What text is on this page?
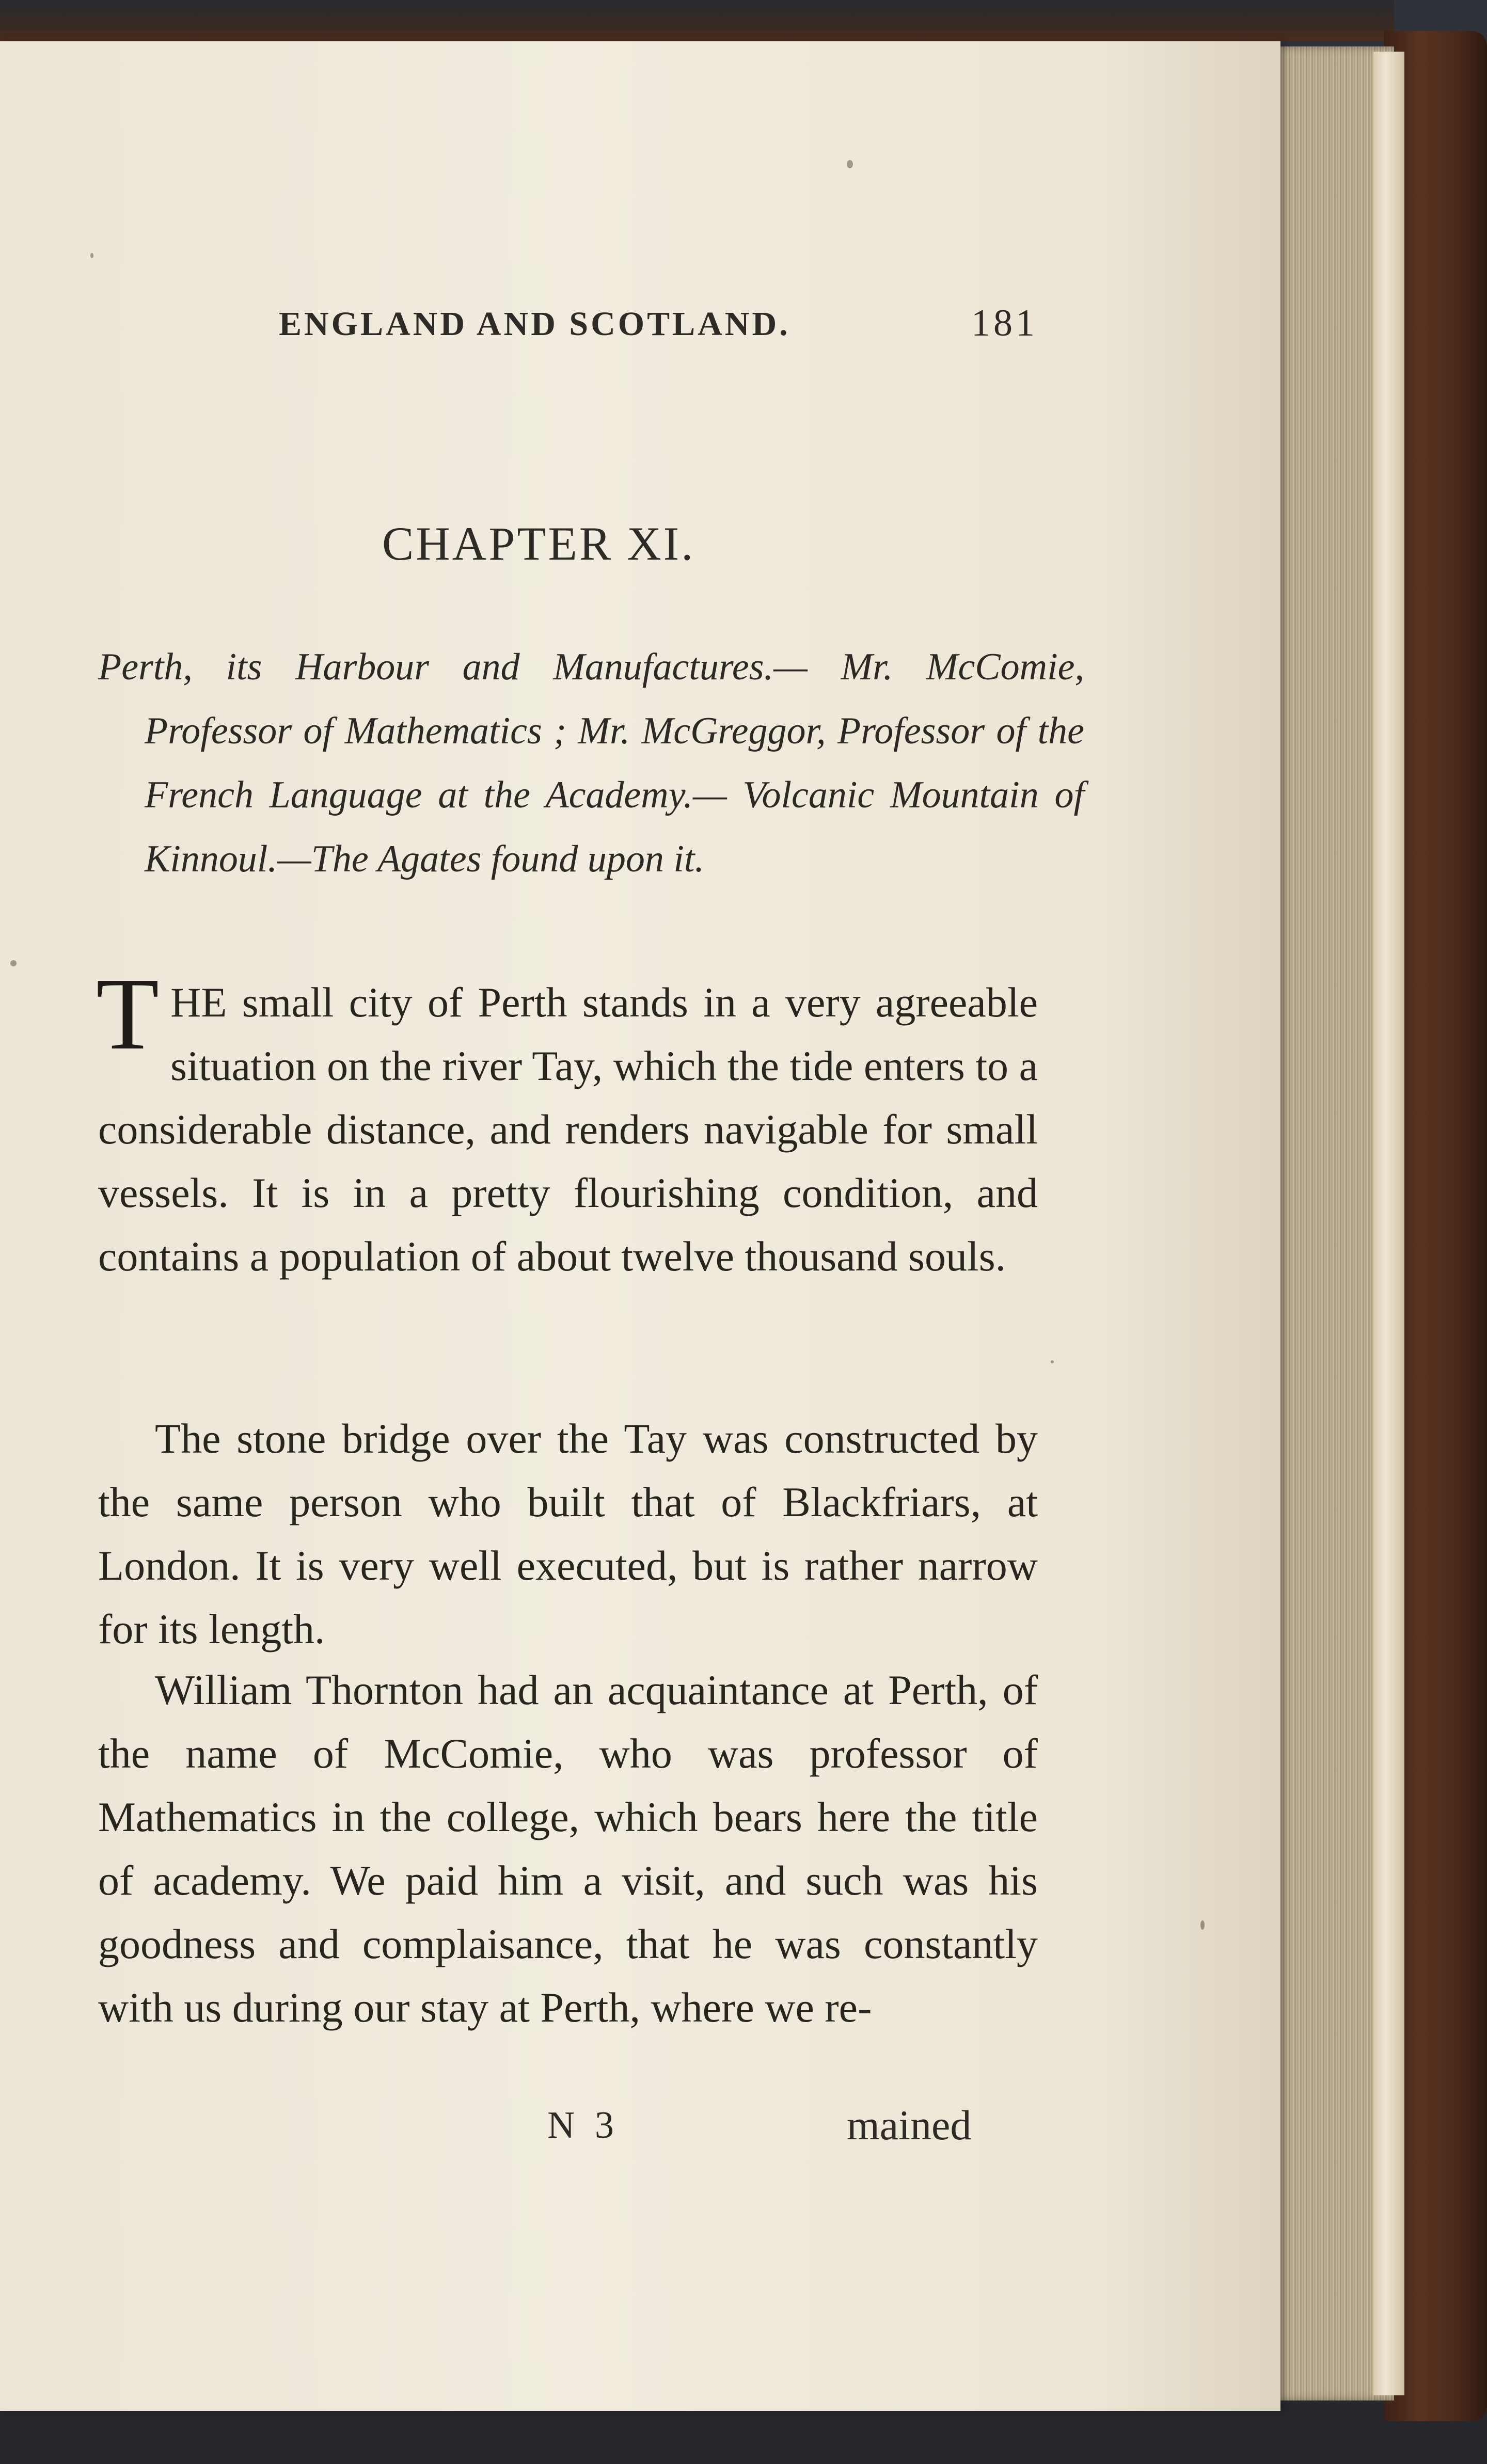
ENGLAND AND SCOTLAND.	181
CHAPTER XI.
Perth, its Harbour and Manufactures.— Mr. McComie, Professor of Mathematics ; Mr. McGreggor, Professor of the French Language at the Academy.— Volcanic Mountain of Kinnoul.—The Agates found upon it.
THE small city of Perth stands in a very agreeable situation on the river Tay, which the tide enters to a considerable distance, and renders navigable for small vessels. It is in a pretty flourishing condition, and contains a population of about twelve thousand souls.
The stone bridge over the Tay was constructed by the same person who built that of Blackfriars, at London. It is very well executed, but is rather narrow for its length.
William Thornton had an acquaintance at Perth, of the name of McComie, who was professor of Mathematics in the college, which bears here the title of academy. We paid him a visit, and such was his goodness and complaisance, that he was constantly with us during our stay at Perth, where we re-
N 3	mained
